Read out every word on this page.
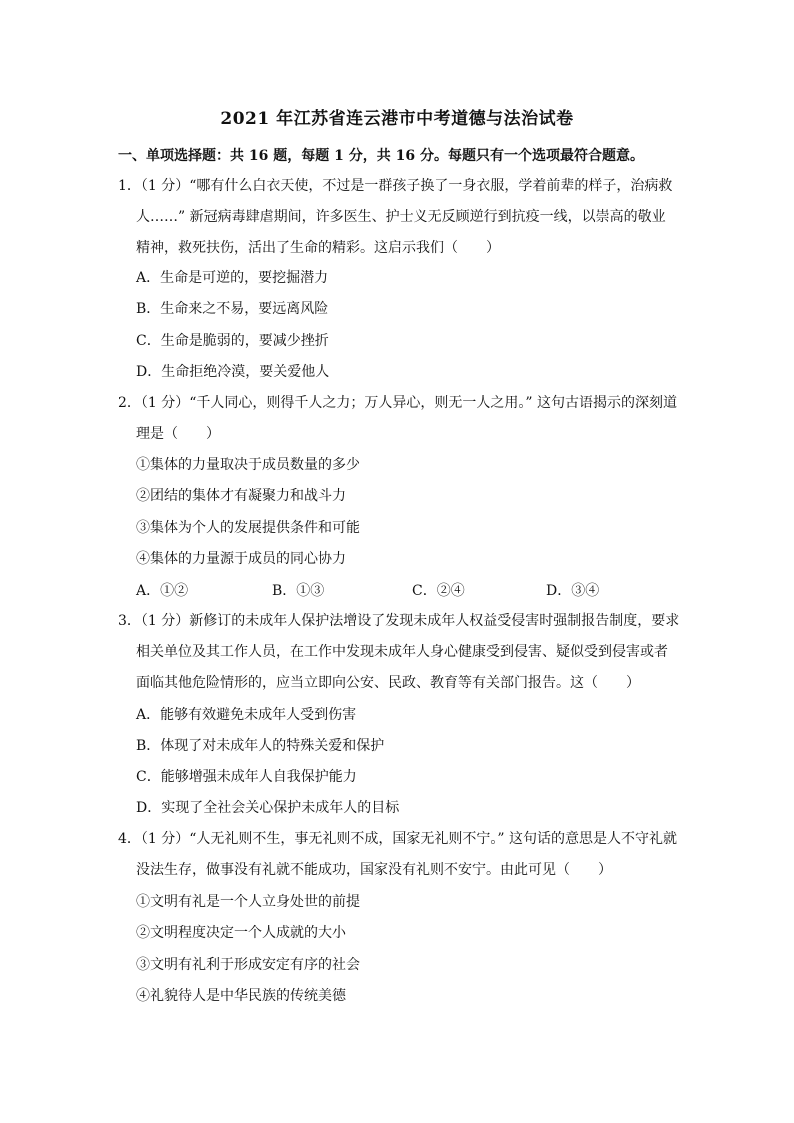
2021 年江苏省连云港市中考道德与法治试卷
一、单项选择题：共 16 题，每题 1 分，共 16 分。每题只有一个选项最符合题意。
1．（1 分）“哪有什么白衣天使，不过是一群孩子换了一身衣服，学着前辈的样子，治病救
人……” 新冠病毒肆虐期间，许多医生、护士义无反顾逆行到抗疫一线，以崇高的敬业
精神，救死扶伤，活出了生命的精彩。这启示我们（　　）
A．生命是可逆的，要挖掘潜力
B．生命来之不易，要远离风险
C．生命是脆弱的，要减少挫折
D．生命拒绝冷漠，要关爱他人
2．（1 分）“千人同心，则得千人之力；万人异心，则无一人之用。” 这句古语揭示的深刻道
理是（　　）
①集体的力量取决于成员数量的多少
②团结的集体才有凝聚力和战斗力
③集体为个人的发展提供条件和可能
④集体的力量源于成员的同心协力
A．①②	B．①③	C．②④	D．③④
3．（1 分）新修订的未成年人保护法增设了发现未成年人权益受侵害时强制报告制度，要求
相关单位及其工作人员，在工作中发现未成年人身心健康受到侵害、疑似受到侵害或者
面临其他危险情形的，应当立即向公安、民政、教育等有关部门报告。这（　　）
A．能够有效避免未成年人受到伤害
B．体现了对未成年人的特殊关爱和保护
C．能够增强未成年人自我保护能力
D．实现了全社会关心保护未成年人的目标
4．（1 分）“人无礼则不生，事无礼则不成，国家无礼则不宁。” 这句话的意思是人不守礼就
没法生存，做事没有礼就不能成功，国家没有礼则不安宁。由此可见（　　）
①文明有礼是一个人立身处世的前提
②文明程度决定一个人成就的大小
③文明有礼利于形成安定有序的社会
④礼貌待人是中华民族的传统美德
